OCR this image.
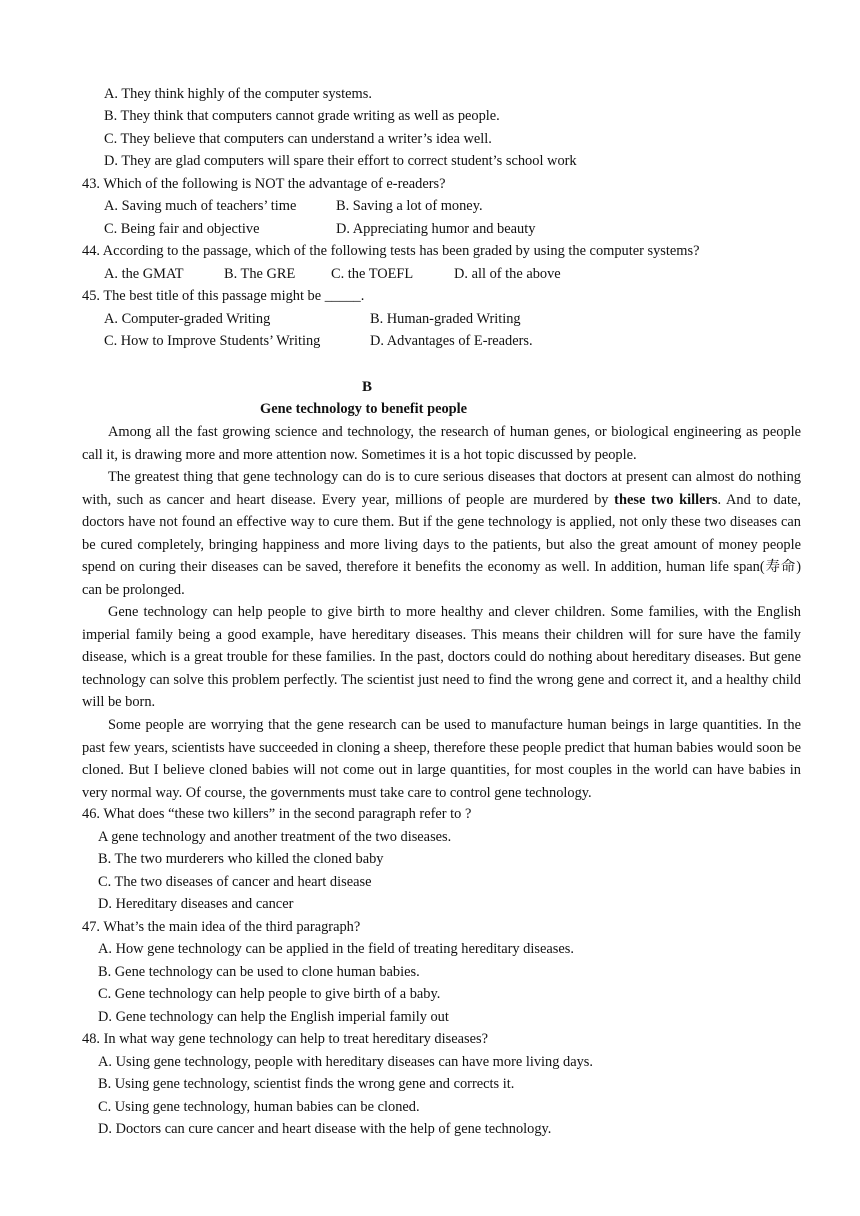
A. They think highly of the computer systems.
B. They think that computers cannot grade writing as well as people.
C. They believe that computers can understand a writer’s idea well.
D. They are glad computers will spare their effort to correct student’s school work
43. Which of the following is NOT the advantage of e-readers?
A. Saving much of teachers’ time	B. Saving a lot of money.
C. Being fair and objective	D. Appreciating humor and beauty
44. According to the passage, which of the following tests has been graded by using the computer systems?
A. the GMAT	B. The GRE C. the TOEFL	D. all of the above
45. The best title of this passage might be _____.
A. Computer-graded Writing	B. Human-graded Writing
C. How to Improve Students’ Writing	D. Advantages of E-readers.
B
Gene technology to benefit people
Among all the fast growing science and technology, the research of human genes, or biological engineering as people call it, is drawing more and more attention now. Sometimes it is a hot topic discussed by people.
The greatest thing that gene technology can do is to cure serious diseases that doctors at present can almost do nothing with, such as cancer and heart disease. Every year, millions of people are murdered by these two killers. And to date, doctors have not found an effective way to cure them. But if the gene technology is applied, not only these two diseases can be cured completely, bringing happiness and more living days to the patients, but also the great amount of money people spend on curing their diseases can be saved, therefore it benefits the economy as well. In addition, human life span(寿命) can be prolonged.
Gene technology can help people to give birth to more healthy and clever children. Some families, with the English imperial family being a good example, have hereditary diseases. This means their children will for sure have the family disease, which is a great trouble for these families. In the past, doctors could do nothing about hereditary diseases. But gene technology can solve this problem perfectly. The scientist just need to find the wrong gene and correct it, and a healthy child will be born.
Some people are worrying that the gene research can be used to manufacture human beings in large quantities. In the past few years, scientists have succeeded in cloning a sheep, therefore these people predict that human babies would soon be cloned. But I believe cloned babies will not come out in large quantities, for most couples in the world can have babies in very normal way. Of course, the governments must take care to control gene technology.
46. What does “these two killers” in the second paragraph refer to ?
A gene technology and another treatment of the two diseases.
B. The two murderers who killed the cloned baby
C. The two diseases of cancer and heart disease
D. Hereditary diseases and cancer
47. What’s the main idea of the third paragraph?
A. How gene technology can be applied in the field of treating hereditary diseases.
B. Gene technology can be used to clone human babies.
C. Gene technology can help people to give birth of a baby.
D. Gene technology can help the English imperial family out
48. In what way gene technology can help to treat hereditary diseases?
A. Using gene technology, people with hereditary diseases can have more living days.
B. Using gene technology, scientist finds the wrong gene and corrects it.
C. Using gene technology, human babies can be cloned.
D. Doctors can cure cancer and heart disease with the help of gene technology.
